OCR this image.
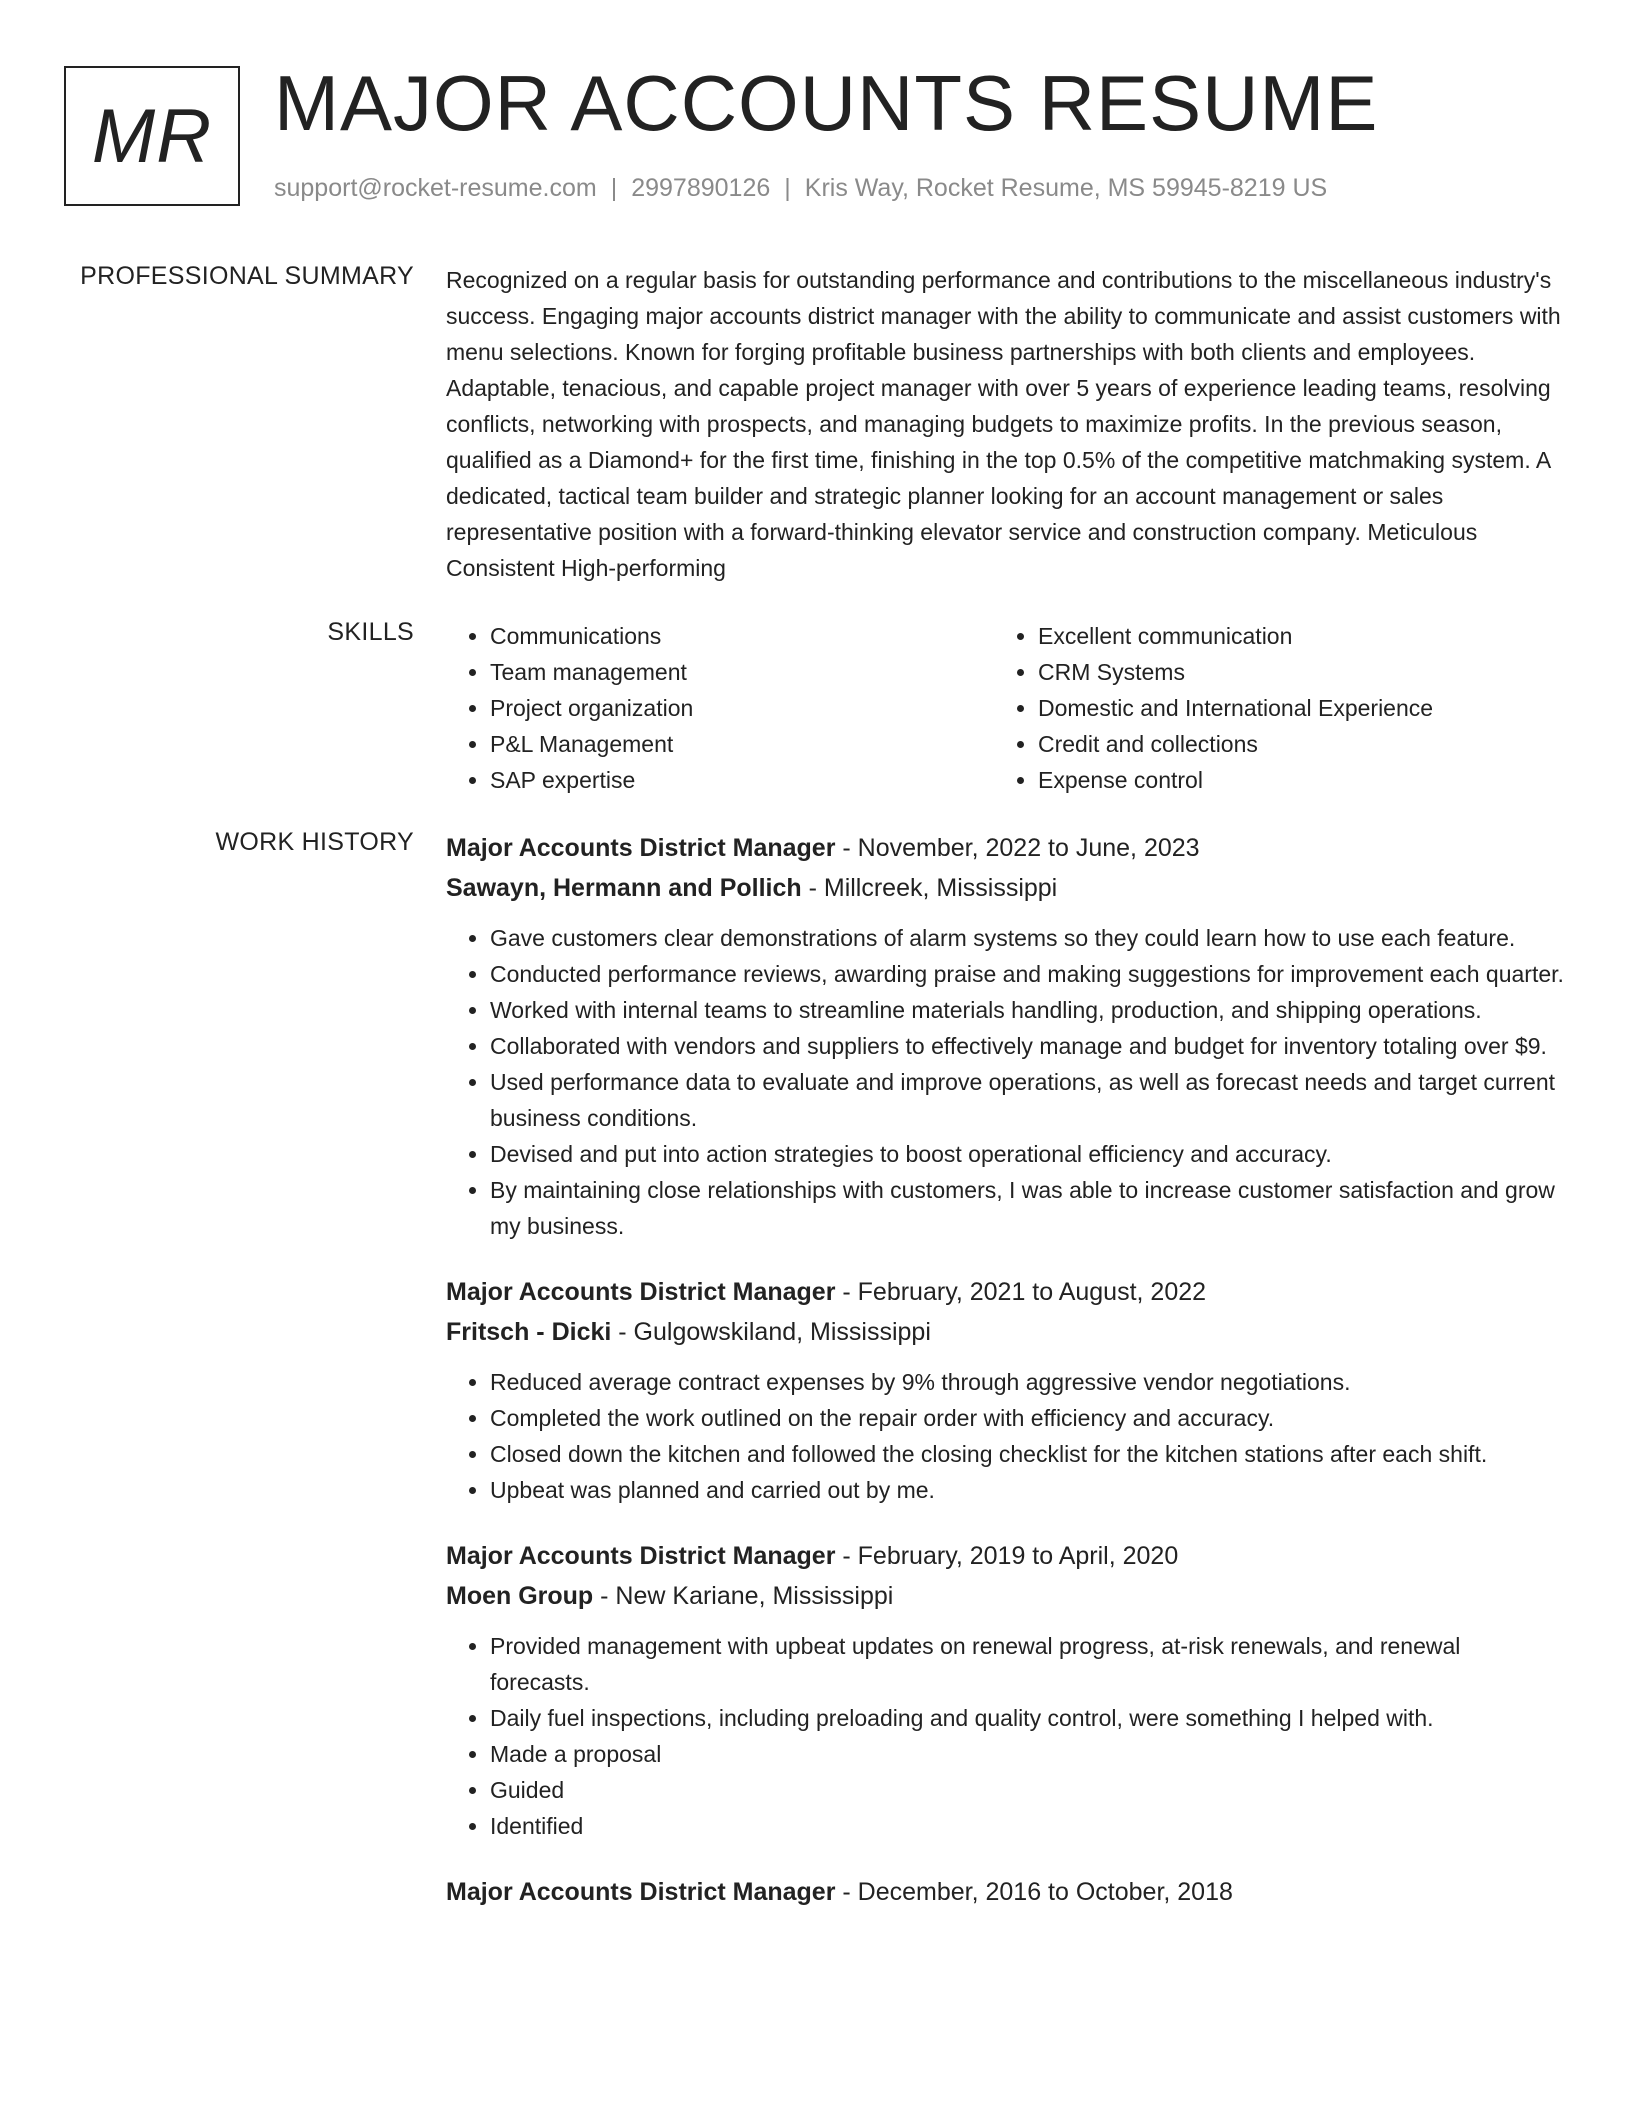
MR MAJOR ACCOUNTS RESUME
support@rocket-resume.com | 2997890126 | Kris Way, Rocket Resume, MS 59945-8219 US
PROFESSIONAL SUMMARY Recognized on a regular basis for outstanding performance and contributions to the miscellaneous industry's success. Engaging major accounts district manager with the ability to communicate and assist customers with menu selections. Known for forging profitable business partnerships with both clients and employees. Adaptable, tenacious, and capable project manager with over 5 years of experience leading teams, resolving conflicts, networking with prospects, and managing budgets to maximize profits. In the previous season, qualified as a Diamond+ for the first time, finishing in the top 0.5% of the competitive matchmaking system. A dedicated, tactical team builder and strategic planner looking for an account management or sales representative position with a forward-thinking elevator service and construction company. Meticulous Consistent High-performing

SKILLS
•	Communications
• Team management
• Project organization
• P&L Management
• SAP expertise
• Excellent communication
• CRM Systems
• Domestic and International Experience
• Credit and collections
• Expense control
WORK HISTORY Major Accounts District Manager - November, 2022 to June, 2023
Sawayn, Hermann and Pollich - Millcreek, Mississippi
• Gave customers clear demonstrations of alarm systems so they could learn how to use each feature.
• Conducted performance reviews, awarding praise and making suggestions for improvement each quarter.
• Worked with internal teams to streamline materials handling, production, and shipping operations.
• Collaborated with vendors and suppliers to effectively manage and budget for inventory totaling over $9.
• Used performance data to evaluate and improve operations, as well as forecast needs and target current business conditions.
• Devised and put into action strategies to boost operational efficiency and accuracy.
• By maintaining close relationships with customers, I was able to increase customer satisfaction and grow my business.
Major Accounts District Manager - February, 2021 to August, 2022
Fritsch - Dicki - Gulgowskiland, Mississippi
• Reduced average contract expenses by 9% through aggressive vendor negotiations.
• Completed the work outlined on the repair order with efficiency and accuracy.
• Closed down the kitchen and followed the closing checklist for the kitchen stations after each shift.
• Upbeat was planned and carried out by me.
Major Accounts District Manager - February, 2019 to April, 2020
Moen Group - New Kariane, Mississippi
• Provided management with upbeat updates on renewal progress, at-risk renewals, and renewal forecasts.
• Daily fuel inspections, including preloading and quality control, were something I helped with.
• Made a proposal
• Guided
• Identified
Major Accounts District Manager - December, 2016 to October, 2018
